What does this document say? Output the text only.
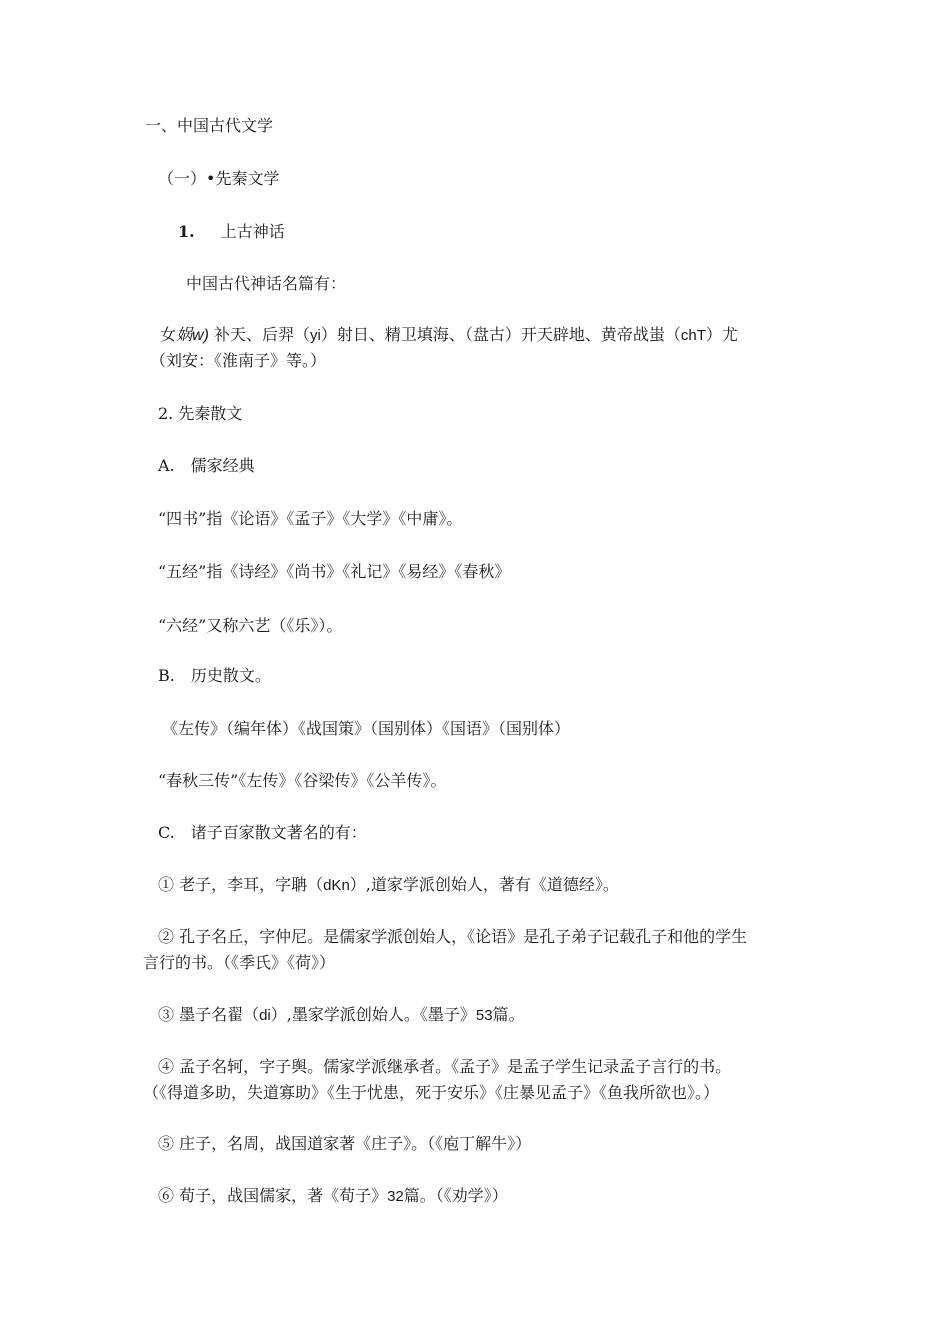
一、中国古代文学

（一）•先秦文学

1. 上古神话

中国古代神话名篇有：

女娲w) 补天、后羿（yi）射日、精卫填海、（盘古）开天辟地、黄帝战蚩（chT）尤

（刘安：《淮南子》等。）

2. 先秦散文

A.　儒家经典

“四书”指《论语》《孟子》《大学》《中庸》。

“五经”指《诗经》《尚书》《礼记》《易经》《春秋》

“六经”又称六艺（《乐》）。

B.　历史散文。

《左传》（编年体）《战国策》（国别体）《国语》（国别体）

“春秋三传”《左传》《谷梁传》《公羊传》。

C.　诸子百家散文著名的有：

① 老子，李耳，字聃（dKn）,道家学派创始人，著有《道德经》。

② 孔子名丘，字仲尼。是儒家学派创始人，《论语》是孔子弟子记载孔子和他的学生

言行的书。（《季氏》《荷》）

③ 墨子名翟（di）,墨家学派创始人。《墨子》53篇。

④ 孟子名轲，字子舆。儒家学派继承者。《孟子》是孟子学生记录孟子言行的书。

（《得道多助，失道寡助》《生于忧患，死于安乐》《庄暴见孟子》《鱼我所欲也》。）

⑤ 庄子，名周，战国道家著《庄子》。（《庖丁解牛》）

⑥ 荀子，战国儒家，著《荀子》32篇。（《劝学》）
